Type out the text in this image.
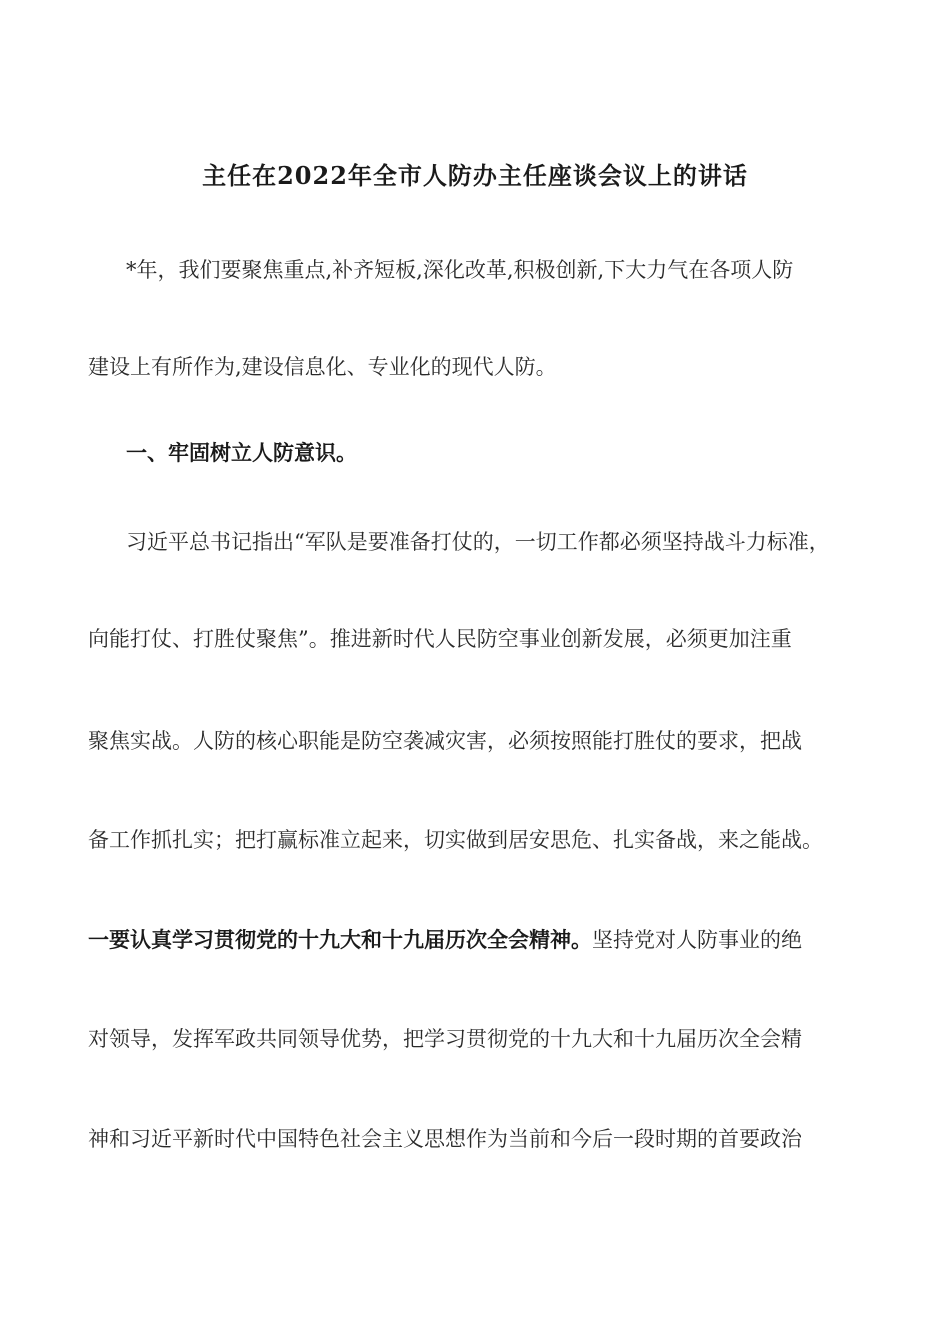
主任在2022年全市人防办主任座谈会议上的讲话
*年，我们要聚焦重点,补齐短板,深化改革,积极创新,下大力气在各项人防
建设上有所作为,建设信息化、专业化的现代人防。
一、牢固树立人防意识。
习近平总书记指出“军队是要准备打仗的，一切工作都必须坚持战斗力标准，
向能打仗、打胜仗聚焦”。推进新时代人民防空事业创新发展，必须更加注重
聚焦实战。人防的核心职能是防空袭减灾害，必须按照能打胜仗的要求，把战
备工作抓扎实；把打赢标准立起来，切实做到居安思危、扎实备战，来之能战。
一要认真学习贯彻党的十九大和十九届历次全会精神。坚持党对人防事业的绝
对领导，发挥军政共同领导优势，把学习贯彻党的十九大和十九届历次全会精
神和习近平新时代中国特色社会主义思想作为当前和今后一段时期的首要政治
